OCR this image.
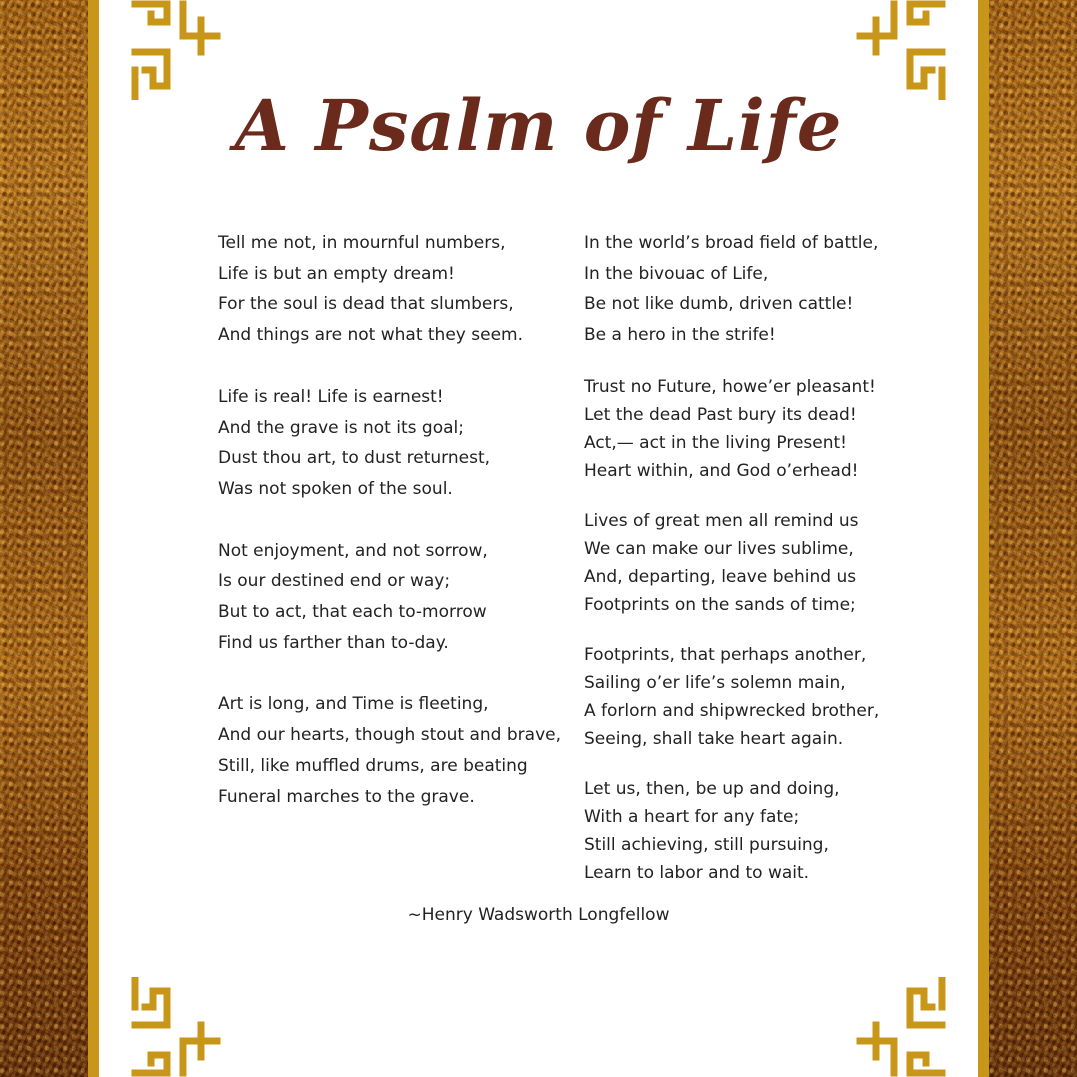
A Psalm of Life
Tell me not, in mournful numbers,
Life is but an empty dream!
For the soul is dead that slumbers,
And things are not what they seem.
Life is real! Life is earnest!
And the grave is not its goal;
Dust thou art, to dust returnest,
Was not spoken of the soul.
Not enjoyment, and not sorrow,
Is our destined end or way;
But to act, that each to-morrow
Find us farther than to-day.
Art is long, and Time is fleeting,
And our hearts, though stout and brave,
Still, like muffled drums, are beating
Funeral marches to the grave.
In the world’s broad field of battle,
In the bivouac of Life,
Be not like dumb, driven cattle!
Be a hero in the strife!
Trust no Future, howe’er pleasant!
Let the dead Past bury its dead!
Act,— act in the living Present!
Heart within, and God o’erhead!
Lives of great men all remind us
We can make our lives sublime,
And, departing, leave behind us
Footprints on the sands of time;
Footprints, that perhaps another,
Sailing o’er life’s solemn main,
A forlorn and shipwrecked brother,
Seeing, shall take heart again.
Let us, then, be up and doing,
With a heart for any fate;
Still achieving, still pursuing,
Learn to labor and to wait.
~Henry Wadsworth Longfellow
